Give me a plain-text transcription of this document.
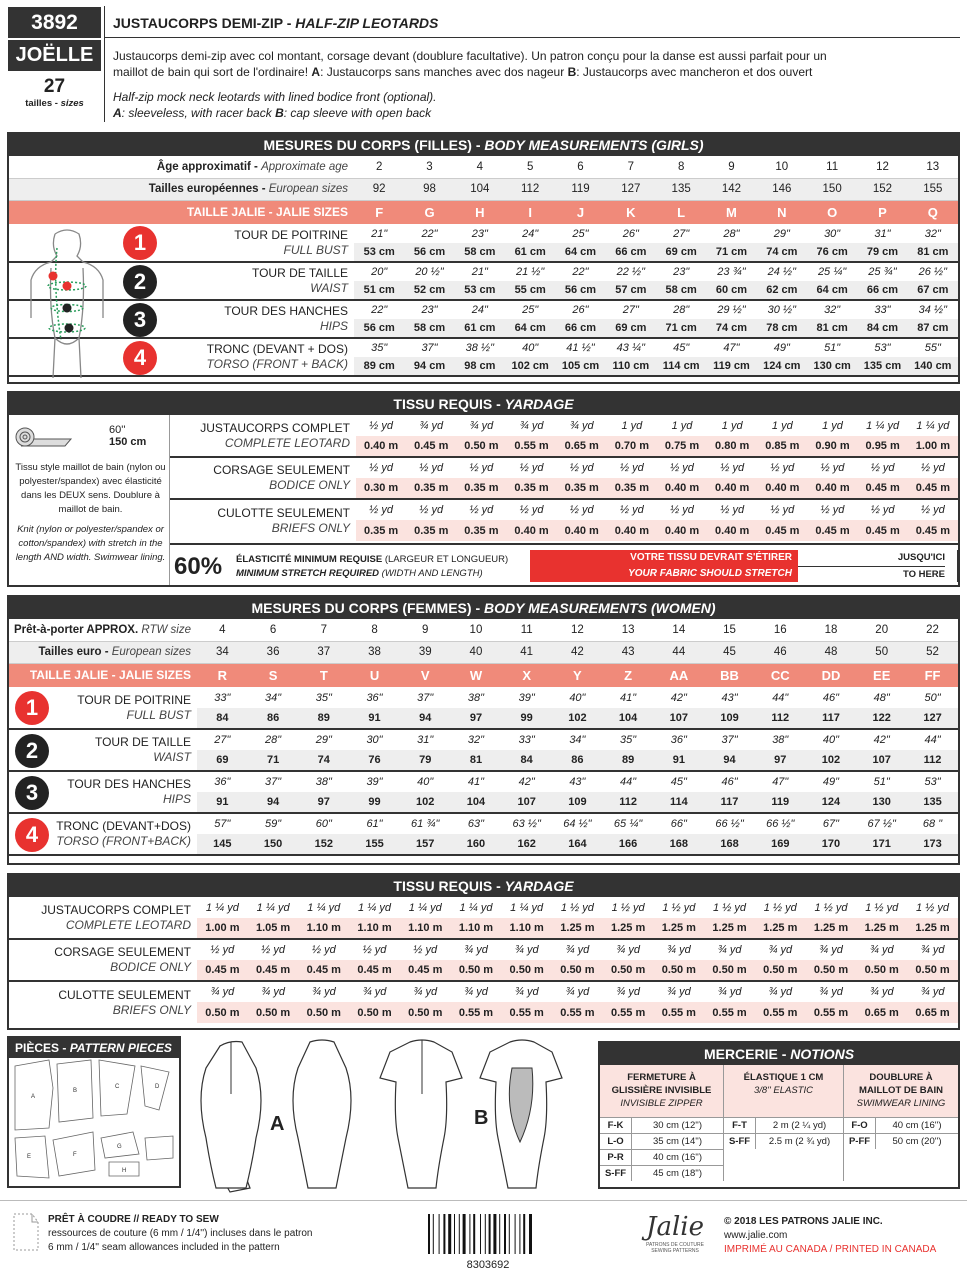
3892
JOËLLE
27
tailles - sizes
JUSTAUCORPS DEMI-ZIP - HALF-ZIP LEOTARDS
Justaucorps demi-zip avec col montant, corsage devant (doublure facultative). Un patron conçu pour la danse est aussi parfait pour un
maillot de bain qui sort de l'ordinaire! A: Justaucorps sans manches avec dos nageur B: Justaucorps avec mancheron et dos ouvert
Half-zip mock neck leotards with lined bodice front (optional).
A: sleeveless, with racer back B: cap sleeve with open back
MESURES DU CORPS (FILLES) - BODY MEASUREMENTS (GIRLS)
Âge approximatif - Approximate age		2	3	4	5	6	7	8	9	10	11	12	13
Tailles européennes - European sizes		92	98	104	112	119	127	135	142	146	150	152	155
TAILLE JALIE - JALIE SIZES		F	G	H	I	J	K	L	M	N	O	P	Q

	1 TOUR DE POITRINE
FULL BUST	21"	22"	23"	24"	25"	26"	27"	28"	29"	30"	31"	32"
		53 cm	56 cm	58 cm	61 cm	64 cm	66 cm	69 cm	71 cm	74 cm	76 cm	79 cm	81 cm

	2 TOUR DE TAILLE
WAIST	20"	20 ½"	21"	21 ½"	22"	22 ½"	23"	23 ¾"	24 ½"	25 ¼"	25 ¾"	26 ½"
		51 cm	52 cm	53 cm	55 cm	56 cm	57 cm	58 cm	60 cm	62 cm	64 cm	66 cm	67 cm

	3 TOUR DES HANCHES
HIPS	22"	23"	24"	25"	26"	27"	28"	29 ½"	30 ½"	32"	33"	34 ½"
		56 cm	58 cm	61 cm	64 cm	66 cm	69 cm	71 cm	74 cm	78 cm	81 cm	84 cm	87 cm

	4 TRONC (DEVANT + DOS)
TORSO (FRONT + BACK)	35"	37"	38 ½"	40"	41 ½"	43 ¼"	45"	47"	49"	51"	53"	55"
		89 cm	94 cm	98 cm	102 cm	105 cm	110 cm	114 cm	119 cm	124 cm	130 cm	135 cm	140 cm
TISSU REQUIS - YARDAGE
60''
150 cm
Tissu style maillot de bain (nylon ou polyester/spandex) avec élasticité dans les DEUX sens. Doublure à maillot de bain.
Knit (nylon or polyester/spandex or cotton/spandex) with stretch in the length AND width. Swimwear lining.
JUSTAUCORPS COMPLET
COMPLETE LEOTARD	½ yd	¾ yd	¾ yd	¾ yd	¾ yd	1 yd	1 yd	1 yd	1 yd	1 yd	1 ¼ yd	1 ¼ yd
	0.40 m	0.45 m	0.50 m	0.55 m	0.65 m	0.70 m	0.75 m	0.80 m	0.85 m	0.90 m	0.95 m	1.00 m

CORSAGE SEULEMENT
BODICE ONLY	½ yd	½ yd	½ yd	½ yd	½ yd	½ yd	½ yd	½ yd	½ yd	½ yd	½ yd	½ yd
	0.30 m	0.35 m	0.35 m	0.35 m	0.35 m	0.35 m	0.40 m	0.40 m	0.40 m	0.40 m	0.45 m	0.45 m

CULOTTE SEULEMENT
BRIEFS ONLY	½ yd	½ yd	½ yd	½ yd	½ yd	½ yd	½ yd	½ yd	½ yd	½ yd	½ yd	½ yd
	0.35 m	0.35 m	0.35 m	0.40 m	0.40 m	0.40 m	0.40 m	0.40 m	0.45 m	0.45 m	0.45 m	0.45 m
60% ÉLASTICITÉ MINIMUM REQUISE (LARGEUR ET LONGUEUR)
MINIMUM STRETCH REQUIRED (WIDTH AND LENGTH)
VOTRE TISSU DEVRAIT S'ÉTIRER
YOUR FABRIC SHOULD STRETCH
JUSQU'ICI
TO HERE
MESURES DU CORPS (FEMMES) - BODY MEASUREMENTS (WOMEN)
Prêt-à-porter APPROX. RTW size	4	6	7	8	9	10	11	12	13	14	15	16	18	20	22
Tailles euro - European sizes	34	36	37	38	39	40	41	42	43	44	45	46	48	50	52
TAILLE JALIE - JALIE SIZES	R	S	T	U	V	W	X	Y	Z	AA	BB	CC	DD	EE	FF

1 TOUR DE POITRINE
FULL BUST	33"	34"	35"	36"	37"	38"	39"	40"	41"	42"	43"	44"	46"	48"	50"
	84	86	89	91	94	97	99	102	104	107	109	112	117	122	127

2 TOUR DE TAILLE
WAIST	27"	28"	29"	30"	31"	32"	33"	34"	35"	36"	37"	38"	40"	42"	44"
	69	71	74	76	79	81	84	86	89	91	94	97	102	107	112

3 TOUR DES HANCHES
HIPS	36"	37"	38"	39"	40"	41"	42"	43"	44"	45"	46"	47"	49"	51"	53"
	91	94	97	99	102	104	107	109	112	114	117	119	124	130	135

4 TRONC (DEVANT+DOS)
TORSO (FRONT+BACK)	57"	59"	60"	61"	61 ¾"	63"	63 ½"	64 ½"	65 ¼"	66"	66 ½"	66 ½"	67"	67 ½"	68 "
	145	150	152	155	157	160	162	164	166	168	168	169	170	171	173
TISSU REQUIS - YARDAGE
JUSTAUCORPS COMPLET
COMPLETE LEOTARD	1 ¼ yd	1 ¼ yd	1 ¼ yd	1 ¼ yd	1 ¼ yd	1 ¼ yd	1 ¼ yd	1 ½ yd	1 ½ yd	1 ½ yd	1 ½ yd	1 ½ yd	1 ½ yd	1 ½ yd	1 ½ yd
	1.00 m	1.05 m	1.10 m	1.10 m	1.10 m	1.10 m	1.10 m	1.25 m	1.25 m	1.25 m	1.25 m	1.25 m	1.25 m	1.25 m	1.25 m

CORSAGE SEULEMENT
BODICE ONLY	½ yd	½ yd	½ yd	½ yd	½ yd	¾ yd	¾ yd	¾ yd	¾ yd	¾ yd	¾ yd	¾ yd	¾ yd	¾ yd	¾ yd
	0.45 m	0.45 m	0.45 m	0.45 m	0.45 m	0.50 m	0.50 m	0.50 m	0.50 m	0.50 m	0.50 m	0.50 m	0.50 m	0.50 m	0.50 m

CULOTTE SEULEMENT
BRIEFS ONLY	¾ yd	¾ yd	¾ yd	¾ yd	¾ yd	¾ yd	¾ yd	¾ yd	¾ yd	¾ yd	¾ yd	¾ yd	¾ yd	¾ yd	¾ yd
	0.50 m	0.50 m	0.50 m	0.50 m	0.50 m	0.55 m	0.55 m	0.55 m	0.55 m	0.55 m	0.55 m	0.55 m	0.55 m	0.65 m	0.65 m
PIÈCES - PATTERN PIECES
A
B
C	D
E	F
G
H
A	B
MERCERIE - NOTIONS
FERMETURE À GLISSIÈRE INVISIBLE
INVISIBLE ZIPPER
F-K	30 cm (12'')
L-O	35 cm (14'')
P-R	40 cm (16'')
S-FF	45 cm (18'')
ÉLASTIQUE 1 CM
3/8'' ELASTIC
F-T	2 m (2 ¼ yd)
S-FF	2.5 m (2 ¾ yd)
DOUBLURE À MAILLOT DE BAIN
SWIMWEAR LINING
F-O	40 cm (16'')
P-FF	50 cm (20'')
PRÊT À COUDRE // READY TO SEW
ressources de couture (6 mm / 1/4'') incluses dans le patron
6 mm / 1/4'' seam allowances included in the pattern
8303692
Jalie
PATRONS DE COUTURE SEWING PATTERNS
© 2018 LES PATRONS JALIE INC.
www.jalie.com
IMPRIMÉ AU CANADA / PRINTED IN CANADA
